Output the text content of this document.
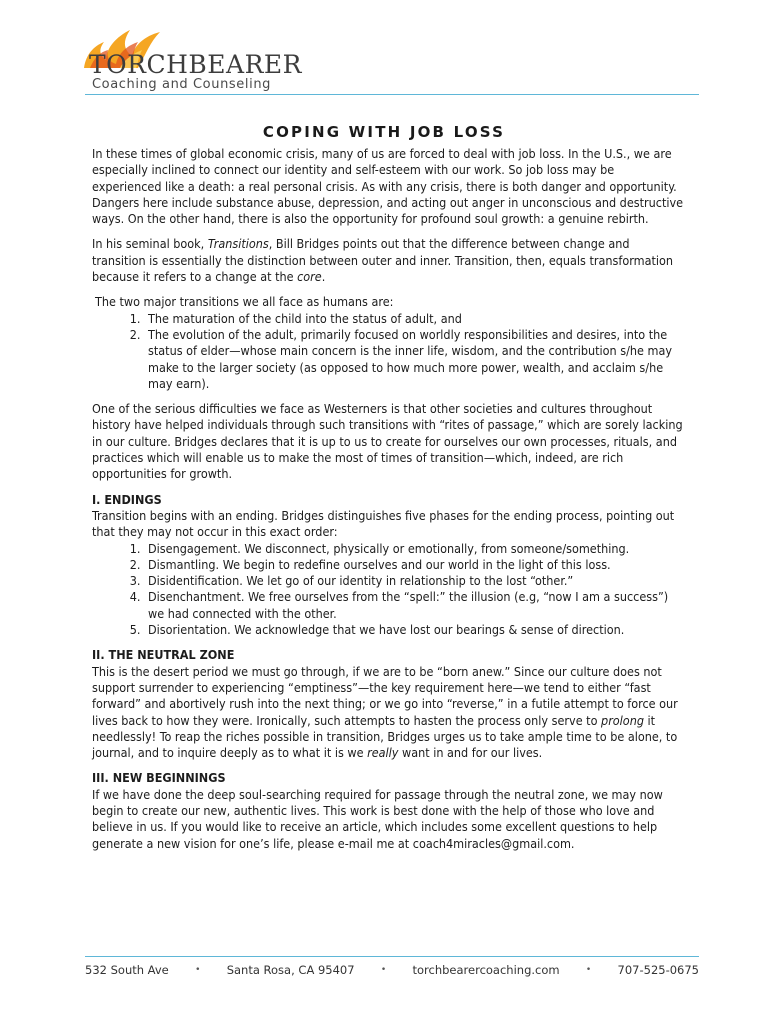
TORCHBEARER
Coaching and Counseling
COPING WITH JOB LOSS

In these times of global economic crisis, many of us are forced to deal with job loss. In the U.S., we are especially inclined to connect our identity and self-esteem with our work. So job loss may be experienced like a death: a real personal crisis. As with any crisis, there is both danger and opportunity. Dangers here include substance abuse, depression, and acting out anger in unconscious and destructive ways. On the other hand, there is also the opportunity for profound soul growth: a genuine rebirth.

In his seminal book, Transitions, Bill Bridges points out that the difference between change and transition is essentially the distinction between outer and inner. Transition, then, equals transformation because it refers to a change at the core.

The two major transitions we all face as humans are:

1. The maturation of the child into the status of adult, and
2. The evolution of the adult, primarily focused on worldly responsibilities and desires, into the status of elder—whose main concern is the inner life, wisdom, and the contribution s/he may make to the larger society (as opposed to how much more power, wealth, and acclaim s/he may earn).

One of the serious difficulties we face as Westerners is that other societies and cultures throughout history have helped individuals through such transitions with “rites of passage,” which are sorely lacking in our culture. Bridges declares that it is up to us to create for ourselves our own processes, rituals, and practices which will enable us to make the most of times of transition—which, indeed, are rich opportunities for growth.

I. ENDINGS

Transition begins with an ending. Bridges distinguishes five phases for the ending process, pointing out that they may not occur in this exact order:

1. Disengagement. We disconnect, physically or emotionally, from someone/something.
2. Dismantling. We begin to redefine ourselves and our world in the light of this loss.
3. Disidentification. We let go of our identity in relationship to the lost “other.”
4. Disenchantment. We free ourselves from the “spell:” the illusion (e.g, “now I am a success”) we had connected with the other.
5. Disorientation. We acknowledge that we have lost our bearings & sense of direction.
II. THE NEUTRAL ZONE

This is the desert period we must go through, if we are to be “born anew.” Since our culture does not support surrender to experiencing “emptiness”—the key requirement here—we tend to either “fast forward” and abortively rush into the next thing; or we go into “reverse,” in a futile attempt to force our lives back to how they were. Ironically, such attempts to hasten the process only serve to prolong it needlessly! To reap the riches possible in transition, Bridges urges us to take ample time to be alone, to journal, and to inquire deeply as to what it is we really want in and for our lives.

III. NEW BEGINNINGS

If we have done the deep soul-searching required for passage through the neutral zone, we may now begin to create our new, authentic lives. This work is best done with the help of those who love and believe in us. If you would like to receive an article, which includes some excellent questions to help generate a new vision for one’s life, please e-mail me at coach4miracles@gmail.com.

532 South Ave	• Santa Rosa, CA 95407	• torchbearercoaching.com	• 707-525-0675
